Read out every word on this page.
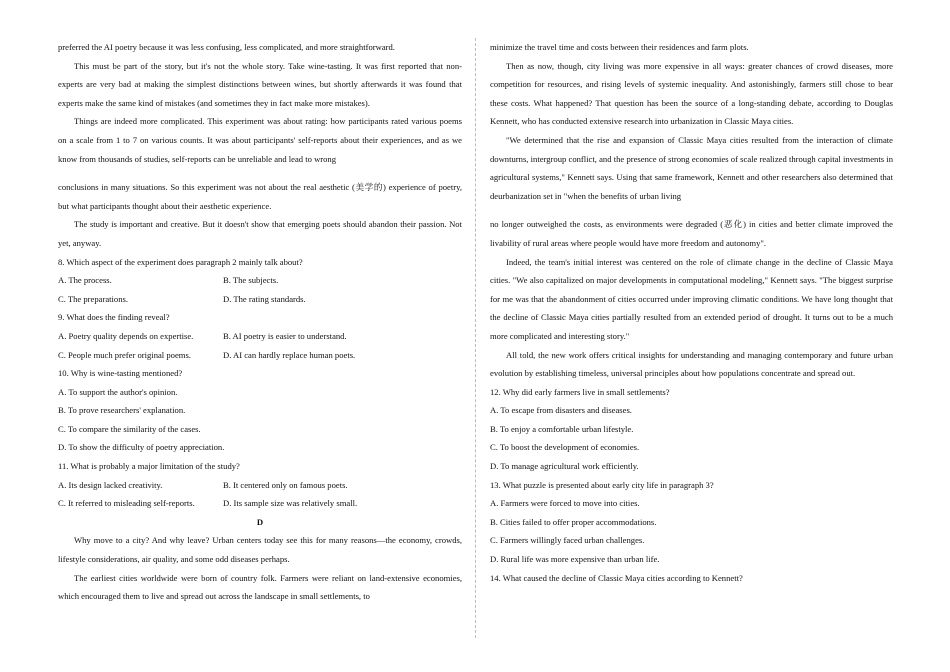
preferred the AI poetry because it was less confusing, less complicated, and more straightforward.

This must be part of the story, but it's not the whole story. Take wine-tasting. It was first reported that non-experts are very bad at making the simplest distinctions between wines, but shortly afterwards it was found that experts make the same kind of mistakes (and sometimes they in fact make more mistakes).

Things are indeed more complicated. This experiment was about rating: how participants rated various poems on a scale from 1 to 7 on various counts. It was about participants' self-reports about their experiences, and as we know from thousands of studies, self-reports can be unreliable and lead to wrong

conclusions in many situations. So this experiment was not about the real aesthetic (美学的) experience of poetry, but what participants thought about their aesthetic experience.

The study is important and creative. But it doesn't show that emerging poets should abandon their passion. Not yet, anyway.

8. Which aspect of the experiment does paragraph 2 mainly talk about?

A. The process.	B. The subjects.
C. The preparations.	D. The rating standards.

9. What does the finding reveal?

A. Poetry quality depends on expertise.	B. AI poetry is easier to understand.
C. People much prefer original poems.	D. AI can hardly replace human poets.

10. Why is wine-tasting mentioned?

A. To support the author's opinion.

B. To prove researchers' explanation.

C. To compare the similarity of the cases.

D. To show the difficulty of poetry appreciation.

11. What is probably a major limitation of the study?

A. Its design lacked creativity.	B. It centered only on famous poets.
C. It referred to misleading self-reports.	D. Its sample size was relatively small.

D

Why move to a city? And why leave? Urban centers today see this for many reasons—the economy, crowds, lifestyle considerations, air quality, and some odd diseases perhaps.

The earliest cities worldwide were born of country folk. Farmers were reliant on land-extensive economies, which encouraged them to live and spread out across the landscape in small settlements, to

minimize the travel time and costs between their residences and farm plots.

Then as now, though, city living was more expensive in all ways: greater chances of crowd diseases, more competition for resources, and rising levels of systemic inequality. And astonishingly, farmers still chose to bear these costs. What happened? That question has been the source of a long-standing debate, according to Douglas Kennett, who has conducted extensive research into urbanization in Classic Maya cities.

"We determined that the rise and expansion of Classic Maya cities resulted from the interaction of climate downturns, intergroup conflict, and the presence of strong economies of scale realized through capital investments in agricultural systems," Kennett says. Using that same framework, Kennett and other researchers also determined that deurbanization set in "when the benefits of urban living

no longer outweighed the costs, as environments were degraded (恶化) in cities and better climate improved the livability of rural areas where people would have more freedom and autonomy".

Indeed, the team's initial interest was centered on the role of climate change in the decline of Classic Maya cities. "We also capitalized on major developments in computational modeling," Kennett says. "The biggest surprise for me was that the abandonment of cities occurred under improving climatic conditions. We have long thought that the decline of Classic Maya cities partially resulted from an extended period of drought. It turns out to be a much more complicated and interesting story."

All told, the new work offers critical insights for understanding and managing contemporary and future urban evolution by establishing timeless, universal principles about how populations concentrate and spread out.

12. Why did early farmers live in small settlements?

A. To escape from disasters and diseases.

B. To enjoy a comfortable urban lifestyle.

C. To boost the development of economies.

D. To manage agricultural work efficiently.

13. What puzzle is presented about early city life in paragraph 3?

A. Farmers were forced to move into cities.

B. Cities failed to offer proper accommodations.

C. Farmers willingly faced urban challenges.

D. Rural life was more expensive than urban life.

14. What caused the decline of Classic Maya cities according to Kennett?
